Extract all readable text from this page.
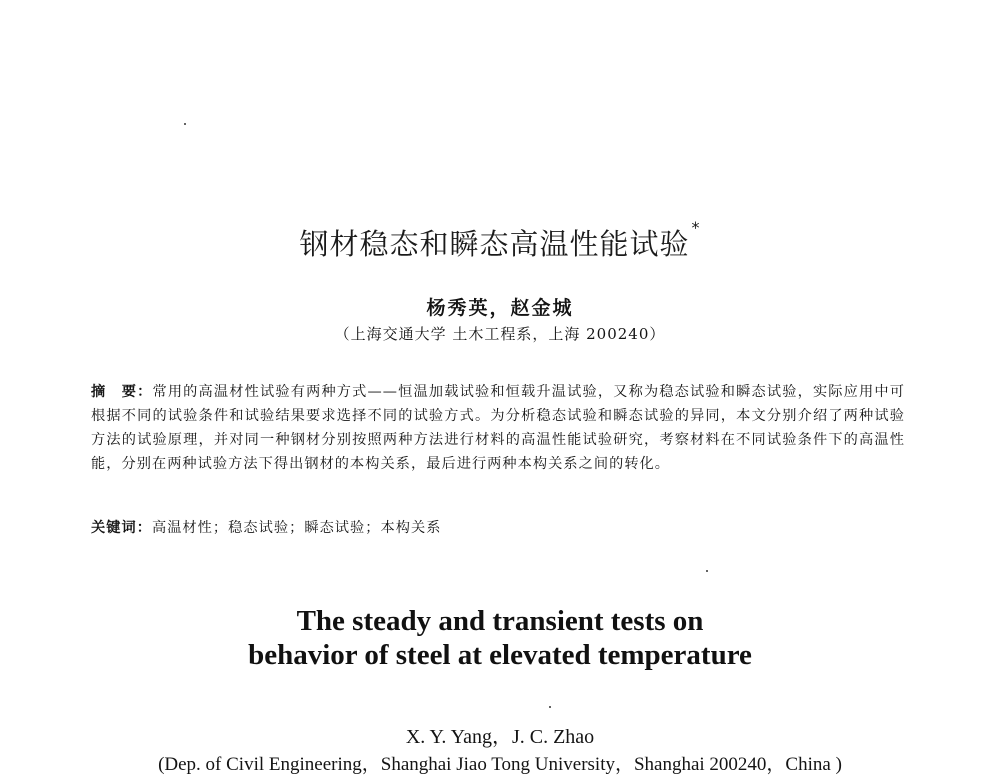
钢材稳态和瞬态高温性能试验 *
杨秀英，赵金城
（上海交通大学 土木工程系，上海 200240）
摘　要：常用的高温材性试验有两种方式——恒温加载试验和恒载升温试验，又称为稳态试验和瞬态试验，实际应用中可根据不同的试验条件和试验结果要求选择不同的试验方式。为分析稳态试验和瞬态试验的异同，本文分别介绍了两种试验方法的试验原理，并对同一种钢材分别按照两种方法进行材料的高温性能试验研究，考察材料在不同试验条件下的高温性能，分别在两种试验方法下得出钢材的本构关系，最后进行两种本构关系之间的转化。
关键词：高温材性；稳态试验；瞬态试验；本构关系
The steady and transient tests on
behavior of steel at elevated temperature
X. Y. Yang，J. C. Zhao
(Dep. of Civil Engineering，Shanghai Jiao Tong University，Shanghai 200240，China )
